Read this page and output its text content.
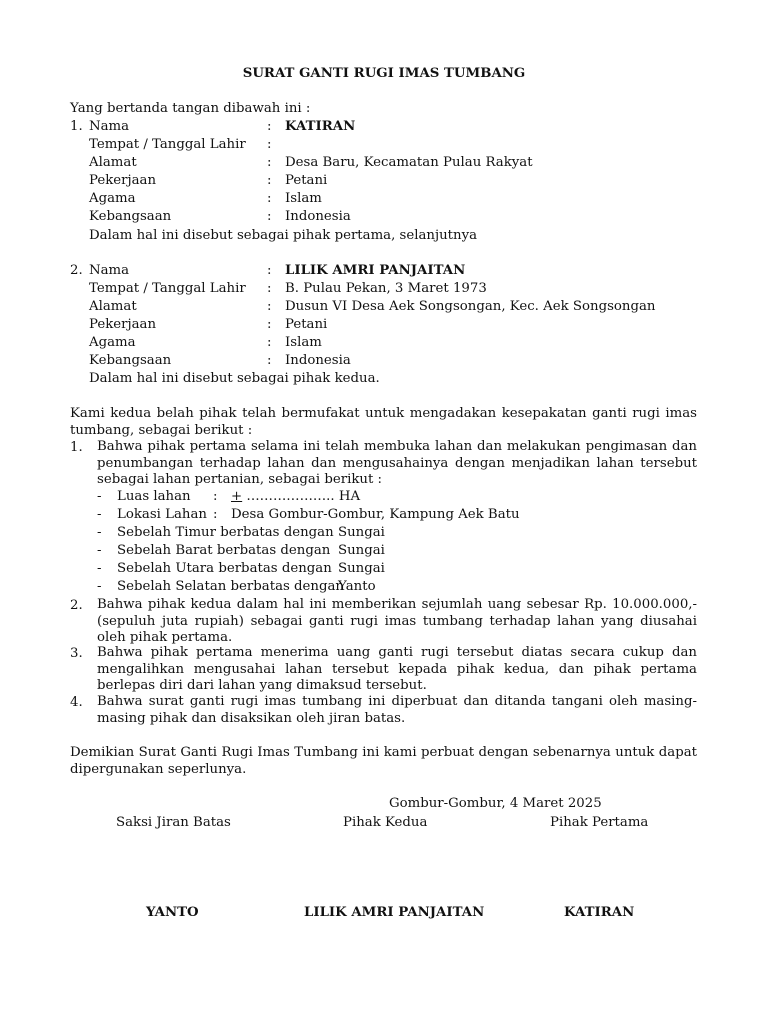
SURAT GANTI RUGI IMAS TUMBANG
Yang bertanda tangan dibawah ini :
1. Nama	: KATIRAN
Tempat / Tanggal Lahir :
Alamat	: Desa Baru, Kecamatan Pulau Rakyat
Pekerjaan	: Petani
Agama	: Islam
Kebangsaan	: Indonesia
Dalam hal ini disebut sebagai pihak pertama, selanjutnya
2. Nama	: LILIK AMRI PANJAITAN
Tempat / Tanggal Lahir : B. Pulau Pekan, 3 Maret 1973
Alamat	: Dusun VI Desa Aek Songsongan, Kec. Aek Songsongan
Pekerjaan	: Petani
Agama	: Islam
Kebangsaan	: Indonesia
Dalam hal ini disebut sebagai pihak kedua.
Kami kedua belah pihak telah bermufakat untuk mengadakan kesepakatan ganti rugi imas tumbang, sebagai berikut :
1. Bahwa pihak pertama selama ini telah membuka lahan dan melakukan pengimasan dan penumbangan terhadap lahan dan mengusahainya dengan menjadikan lahan tersebut sebagai lahan pertanian, sebagai berikut :
- Luas lahan : + ……………….. HA
- Lokasi Lahan : Desa Gombur-Gombur, Kampung Aek Batu
- Sebelah Timur berbatas dengan Sungai
- Sebelah Barat berbatas dengan Sungai
- Sebelah Utara berbatas dengan Sungai
- Sebelah Selatan berbatas dengan
Yanto
2. Bahwa pihak kedua dalam hal ini memberikan sejumlah uang sebesar Rp. 10.000.000,- (sepuluh juta rupiah) sebagai ganti rugi imas tumbang terhadap lahan yang diusahai oleh pihak pertama.
3. Bahwa pihak pertama menerima uang ganti rugi tersebut diatas secara cukup dan mengalihkan mengusahai lahan tersebut kepada pihak kedua, dan pihak pertama berlepas diri dari lahan yang dimaksud tersebut.
4. Bahwa surat ganti rugi imas tumbang ini diperbuat dan ditanda tangani oleh masing-masing pihak dan disaksikan oleh jiran batas.
Demikian Surat Ganti Rugi Imas Tumbang ini kami perbuat dengan sebenarnya untuk dapat dipergunakan seperlunya.
Gombur-Gombur, 4 Maret 2025
Saksi Jiran Batas	Pihak Kedua	Pihak Pertama
YANTO	LILIK AMRI PANJAITAN	KATIRAN
